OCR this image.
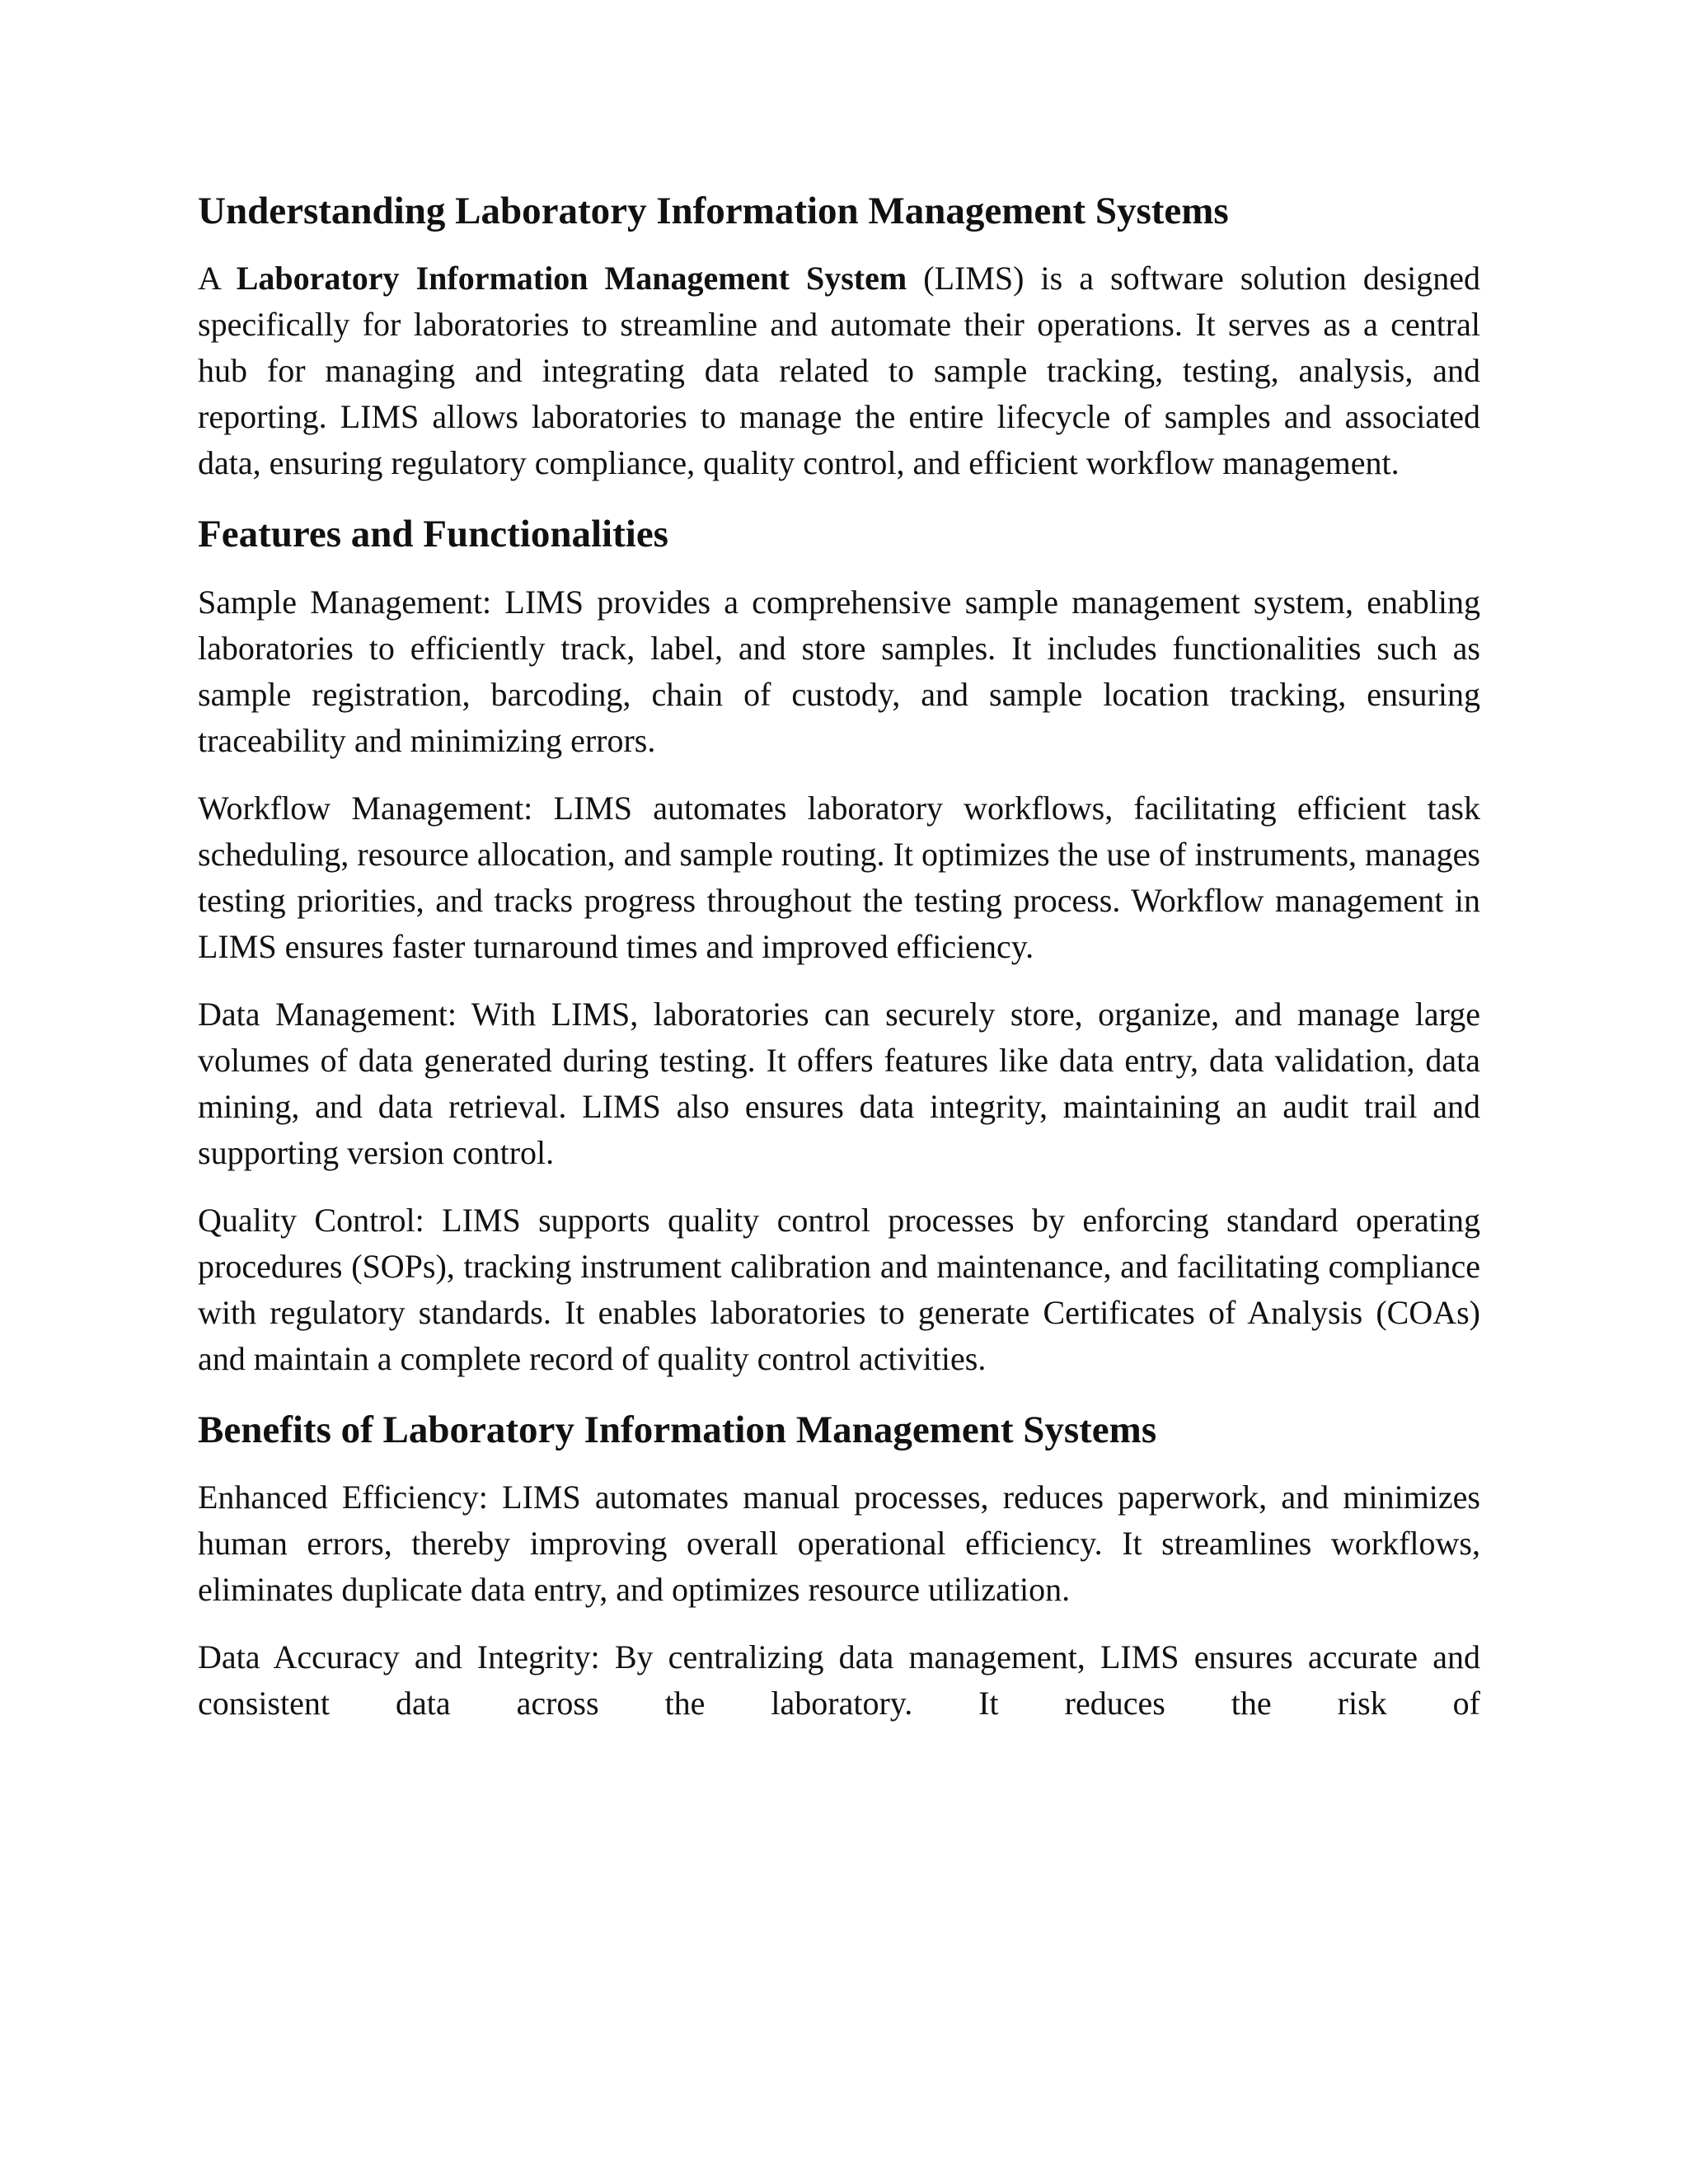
Understanding Laboratory Information Management Systems

A Laboratory Information Management System (LIMS) is a software solution designed specifically for laboratories to streamline and automate their operations. It serves as a central hub for managing and integrating data related to sample tracking, testing, analysis, and reporting. LIMS allows laboratories to manage the entire lifecycle of samples and associated data, ensuring regulatory compliance, quality control, and efficient workflow management.

Features and Functionalities

Sample Management: LIMS provides a comprehensive sample management system, enabling laboratories to efficiently track, label, and store samples. It includes functionalities such as sample registration, barcoding, chain of custody, and sample location tracking, ensuring traceability and minimizing errors.

Workflow Management: LIMS automates laboratory workflows, facilitating efficient task scheduling, resource allocation, and sample routing. It optimizes the use of instruments, manages testing priorities, and tracks progress throughout the testing process. Workflow management in LIMS ensures faster turnaround times and improved efficiency.

Data Management: With LIMS, laboratories can securely store, organize, and manage large volumes of data generated during testing. It offers features like data entry, data validation, data mining, and data retrieval. LIMS also ensures data integrity, maintaining an audit trail and supporting version control.

Quality Control: LIMS supports quality control processes by enforcing standard operating procedures (SOPs), tracking instrument calibration and maintenance, and facilitating compliance with regulatory standards. It enables laboratories to generate Certificates of Analysis (COAs) and maintain a complete record of quality control activities.

Benefits of Laboratory Information Management Systems

Enhanced Efficiency: LIMS automates manual processes, reduces paperwork, and minimizes human errors, thereby improving overall operational efficiency. It streamlines workflows, eliminates duplicate data entry, and optimizes resource utilization.

Data Accuracy and Integrity: By centralizing data management, LIMS ensures accurate and consistent data across the laboratory. It reduces the risk of
